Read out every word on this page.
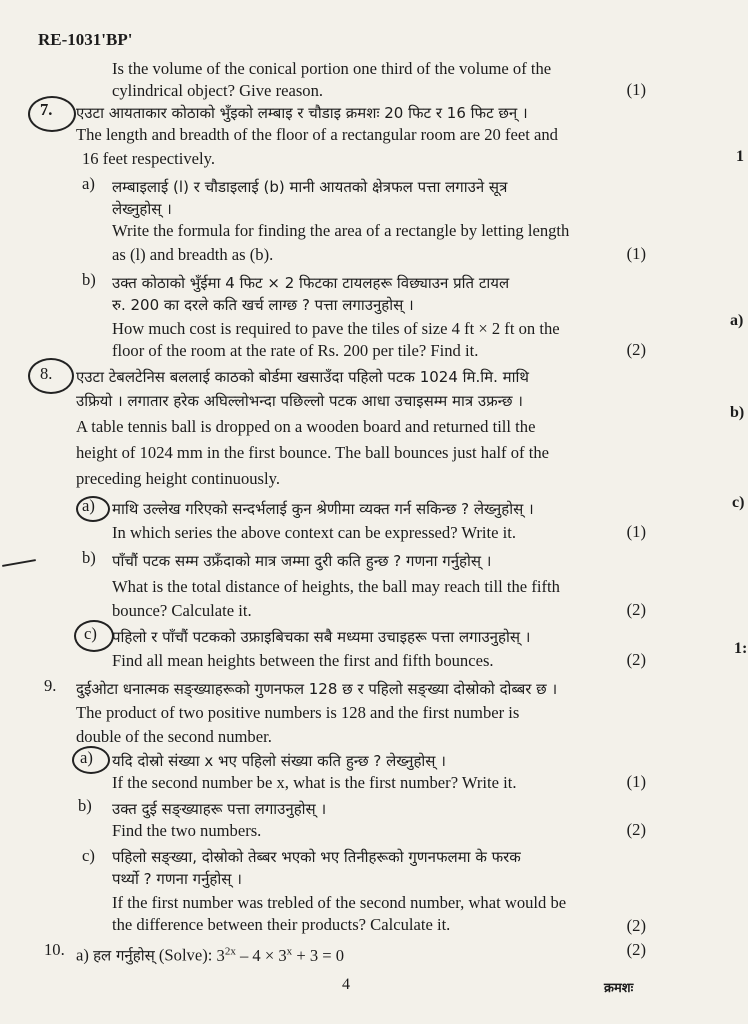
RE-1031'BP'
Is the volume of the conical portion one third of the volume of the
cylindrical object? Give reason.	(1)
7. एउटा आयताकार कोठाको भुँइको लम्बाइ र चौडाइ क्रमशः 20 फिट र 16 फिट छन् ।
The length and breadth of the floor of a rectangular room are 20 feet and
16 feet respectively.
a) लम्बाइलाई (l) र चौडाइलाई (b) मानी आयतको क्षेत्रफल पत्ता लगाउने सूत्र
लेख्नुहोस् ।
Write the formula for finding the area of a rectangle by letting length
as (l) and breadth as (b).	(1)
b) उक्त कोठाको भुँईमा 4 फिट × 2 फिटका टायलहरू विछ्याउन प्रति टायल
रु. 200 का दरले कति खर्च लाग्छ ? पत्ता लगाउनुहोस् ।
How much cost is required to pave the tiles of size 4 ft × 2 ft on the
floor of the room at the rate of Rs. 200 per tile? Find it.	(2)
8. एउटा टेबलटेनिस बललाई काठको बोर्डमा खसाउँदा पहिलो पटक 1024 मि.मि. माथि
उफ्रियो । लगातार हरेक अघिल्लोभन्दा पछिल्लो पटक आधा उचाइसम्म मात्र उफ्रन्छ ।
A table tennis ball is dropped on a wooden board and returned till the
height of 1024 mm in the first bounce. The ball bounces just half of the
preceding height continuously.
a) माथि उल्लेख गरिएको सन्दर्भलाई कुन श्रेणीमा व्यक्त गर्न सकिन्छ ? लेख्नुहोस् ।
In which series the above context can be expressed? Write it.	(1)
b) पाँचौं पटक सम्म उफ्रँदाको मात्र जम्मा दुरी कति हुन्छ ? गणना गर्नुहोस् ।
What is the total distance of heights, the ball may reach till the fifth
bounce? Calculate it.	(2)
c) पहिलो र पाँचौं पटकको उफ्राइबिचका सबै मध्यमा उचाइहरू पत्ता लगाउनुहोस् ।
Find all mean heights between the first and fifth bounces.	(2)
9. दुईओटा धनात्मक सङ्ख्याहरूको गुणनफल 128 छ र पहिलो सङ्ख्या दोस्रोको दोब्बर छ ।
The product of two positive numbers is 128 and the first number is
double of the second number.
a) यदि दोस्रो संख्या x भए पहिलो संख्या कति हुन्छ ? लेख्नुहोस् ।
If the second number be x, what is the first number? Write it.	(1)
b) उक्त दुई सङ्ख्याहरू पत्ता लगाउनुहोस् ।
Find the two numbers.	(2)
c) पहिलो सङ्ख्या, दोस्रोको तेब्बर भएको भए तिनीहरूको गुणनफलमा के फरक
पर्थ्यो ? गणना गर्नुहोस् ।
If the first number was trebled of the second number, what would be
the difference between their products? Calculate it.	(2)
10. a) हल गर्नुहोस् (Solve): $3^{2x} - 4 \times 3^x + 3 = 0$	(2)
4	क्रमशः
1
a)
b)
c)
1:
